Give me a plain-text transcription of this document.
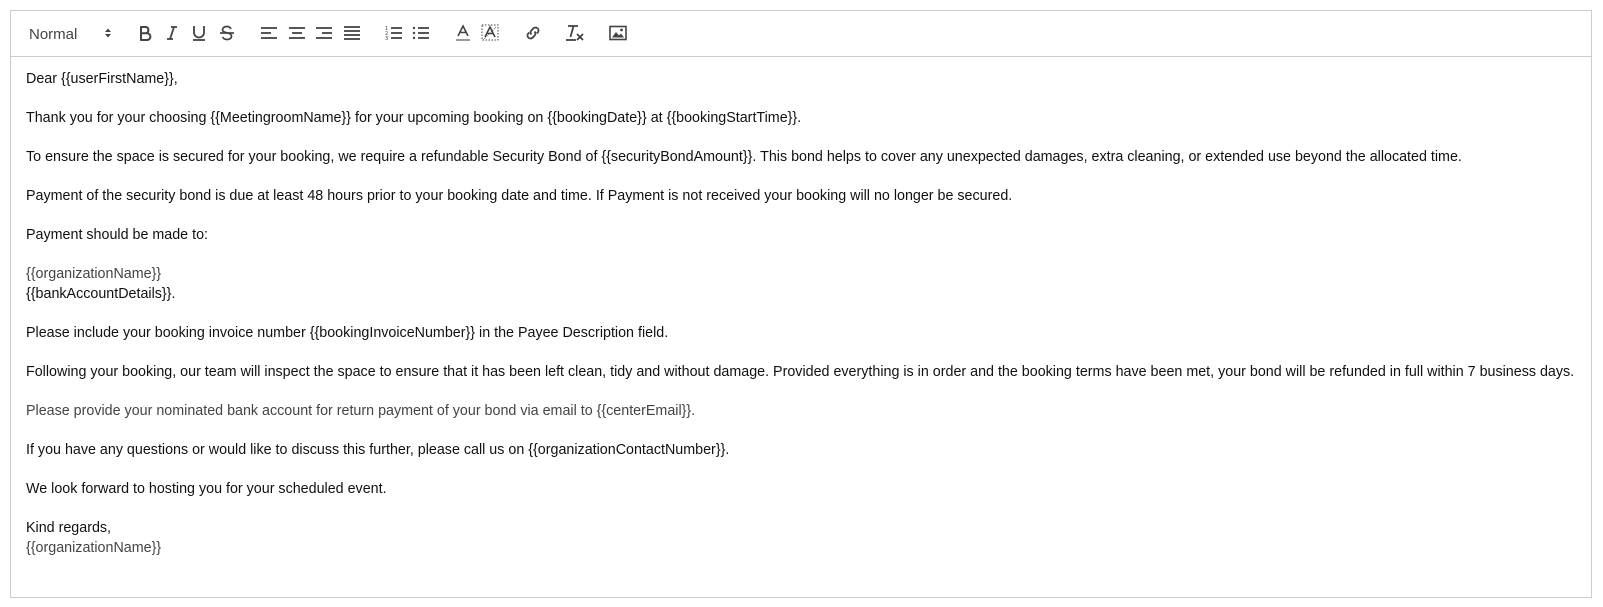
Normal	1
2
3

Dear {{userFirstName}},

Thank you for your choosing {{MeetingroomName}} for your upcoming booking on {{bookingDate}} at {{bookingStartTime}}.

To ensure the space is secured for your booking, we require a refundable Security Bond of {{securityBondAmount}}. This bond helps to cover any unexpected damages, extra cleaning, or extended use beyond the allocated time.

Payment of the security bond is due at least 48 hours prior to your booking date and time. If Payment is not received your booking will no longer be secured.

Payment should be made to:

{{organizationName}}

{{bankAccountDetails}}.

Please include your booking invoice number {{bookingInvoiceNumber}} in the Payee Description field.

Following your booking, our team will inspect the space to ensure that it has been left clean, tidy and without damage. Provided everything is in order and the booking terms have been met, your bond will be refunded in full within 7 business days.

Please provide your nominated bank account for return payment of your bond via email to {{centerEmail}}.

If you have any questions or would like to discuss this further, please call us on {{organizationContactNumber}}.

We look forward to hosting you for your scheduled event.

Kind regards,

{{organizationName}}
